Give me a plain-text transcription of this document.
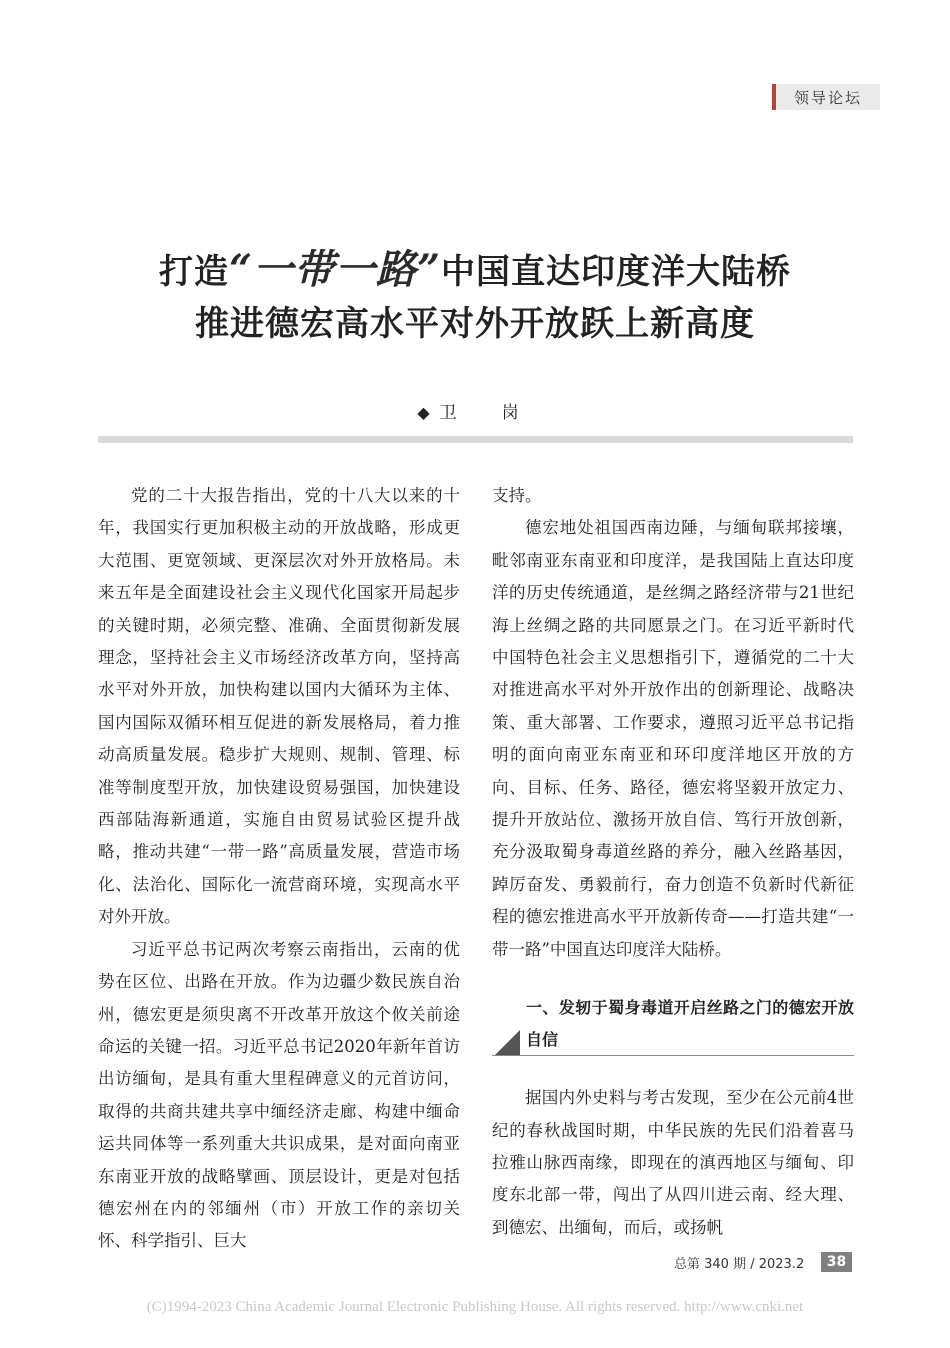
领导论坛
打造“一带一路”中国直达印度洋大陆桥
推进德宏高水平对外开放跃上新高度
◆卫　岗

党的二十大报告指出，党的十八大以来的十年，我国实行更加积极主动的开放战略，形成更大范围、更宽领域、更深层次对外开放格局。未来五年是全面建设社会主义现代化国家开局起步的关键时期，必须完整、准确、全面贯彻新发展理念，坚持社会主义市场经济改革方向，坚持高水平对外开放，加快构建以国内大循环为主体、国内国际双循环相互促进的新发展格局，着力推动高质量发展。稳步扩大规则、规制、管理、标准等制度型开放，加快建设贸易强国，加快建设西部陆海新通道，实施自由贸易试验区提升战略，推动共建“一带一路”高质量发展，营造市场化、法治化、国际化一流营商环境，实现高水平对外开放。

习近平总书记两次考察云南指出，云南的优势在区位、出路在开放。作为边疆少数民族自治州，德宏更是须臾离不开改革开放这个攸关前途命运的关键一招。习近平总书记2020年新年首访出访缅甸，是具有重大里程碑意义的元首访问，取得的共商共建共享中缅经济走廊、构建中缅命运共同体等一系列重大共识成果，是对面向南亚东南亚开放的战略擘画、顶层设计，更是对包括德宏州在内的邻缅州（市）开放工作的亲切关怀、科学指引、巨大

支持。

德宏地处祖国西南边陲，与缅甸联邦接壤，毗邻南亚东南亚和印度洋，是我国陆上直达印度洋的历史传统通道，是丝绸之路经济带与21世纪海上丝绸之路的共同愿景之门。在习近平新时代中国特色社会主义思想指引下，遵循党的二十大对推进高水平对外开放作出的创新理论、战略决策、重大部署、工作要求，遵照习近平总书记指明的面向南亚东南亚和环印度洋地区开放的方向、目标、任务、路径，德宏将坚毅开放定力、提升开放站位、激扬开放自信、笃行开放创新，充分汲取蜀身毒道丝路的养分，融入丝路基因，踔厉奋发、勇毅前行，奋力创造不负新时代新征程的德宏推进高水平开放新传奇——打造共建“一带一路”中国直达印度洋大陆桥。

一、发轫于蜀身毒道开启丝路之门的德宏开放自信

据国内外史料与考古发现，至少在公元前4世纪的春秋战国时期，中华民族的先民们沿着喜马拉雅山脉西南缘，即现在的滇西地区与缅甸、印度东北部一带，闯出了从四川进云南、经大理、到德宏、出缅甸，而后，或扬帆

总第 340 期 / 2023.2	38
(C)1994-2023 China Academic Journal Electronic Publishing House. All rights reserved. http://www.cnki.net
